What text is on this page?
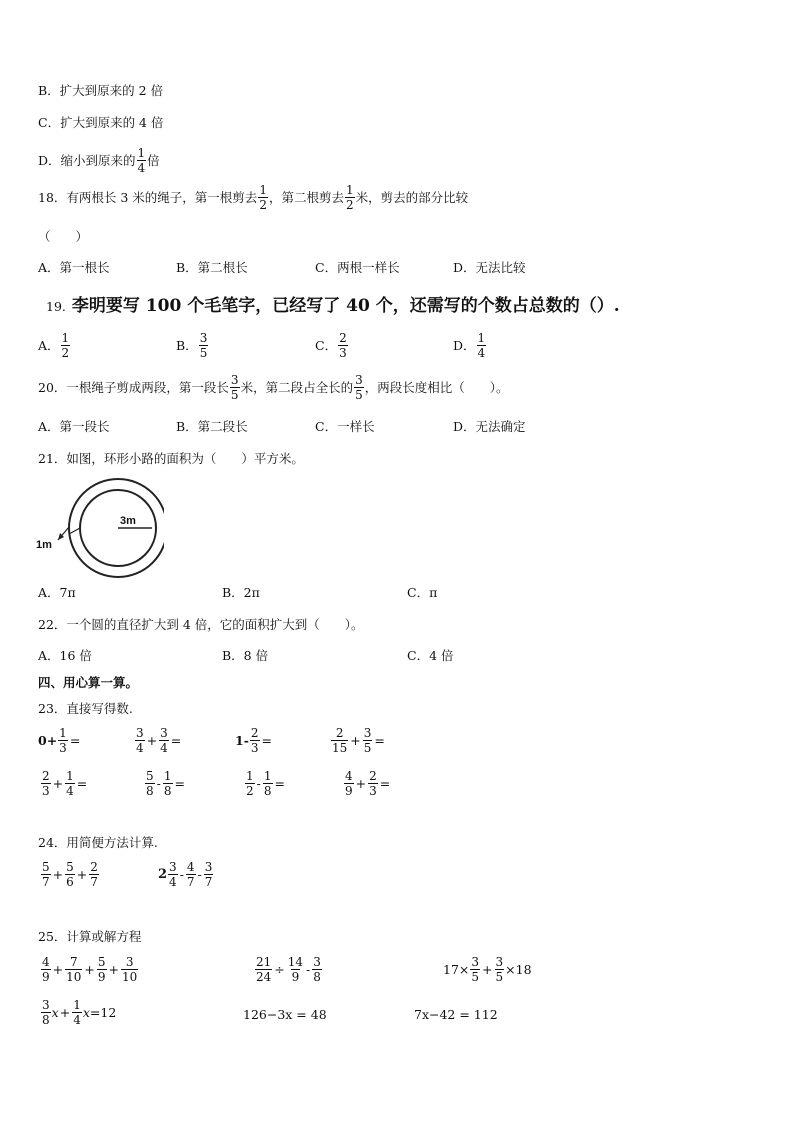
B．扩大到原来的 2 倍
C．扩大到原来的 4 倍
D．缩小到原来的 $\frac{1}{4}$ 倍
18．有两根长 3 米的绳子，第一根剪去 $\frac{1}{2}$ ，第二根剪去 $\frac{1}{2}$ 米，剪去的部分比较
（　　）
A．第一根长	B．第二根长	C．两根一样长	D．无法比较
19. 李明要写 100 个毛笔字，已经写了 40 个，还需写的个数占总数的（）.
A． $\frac{1}{2}$	B． $\frac{3}{5}$	C． $\frac{2}{3}$	D． $\frac{1}{4}$
20．一根绳子剪成两段，第一段长 $\frac{3}{5}$ 米，第二段占全长的 $\frac{3}{5}$ ，两段长度相比（　　）。
A．第一段长	B．第二段长	C．一样长	D．无法确定
21．如图，环形小路的面积为（　　）平方米。
3m
1m
A．7π	B．2π	C．π
22．一个圆的直径扩大到 4 倍，它的面积扩大到（　　）。
A．16 倍	B．8 倍	C．4 倍
四、用心算一算。
23．直接写得数.
$0+ \frac{1}{3}$ =	$\frac{3}{4} + \frac{3}{4}$ =	$1- \frac{2}{3}$ =	$\frac{2}{15} + \frac{3}{5}$ =
$\frac{2}{3} + \frac{1}{4}$ =	$\frac{5}{8} - \frac{1}{8}$ =	$\frac{1}{2} - \frac{1}{8}$ =	$\frac{4}{9} + \frac{2}{3}$ =
24．用简便方法计算.
$\frac{5}{7} + \frac{5}{6} + \frac{2}{7}$	$2 \frac{3}{4} - \frac{4}{7} - \frac{3}{7}$
25．计算或解方程
$\frac{4}{9} + \frac{7}{10} + \frac{5}{9} + \frac{3}{10}$	$\frac{21}{24} \div \frac{14}{9} - \frac{3}{8}$	$17\times \frac{3}{5} + \frac{3}{5} \times 18$
$\frac{3}{8}$ $x + \frac{1}{4}$ x =12	126−3x = 48	7x−42 = 112
